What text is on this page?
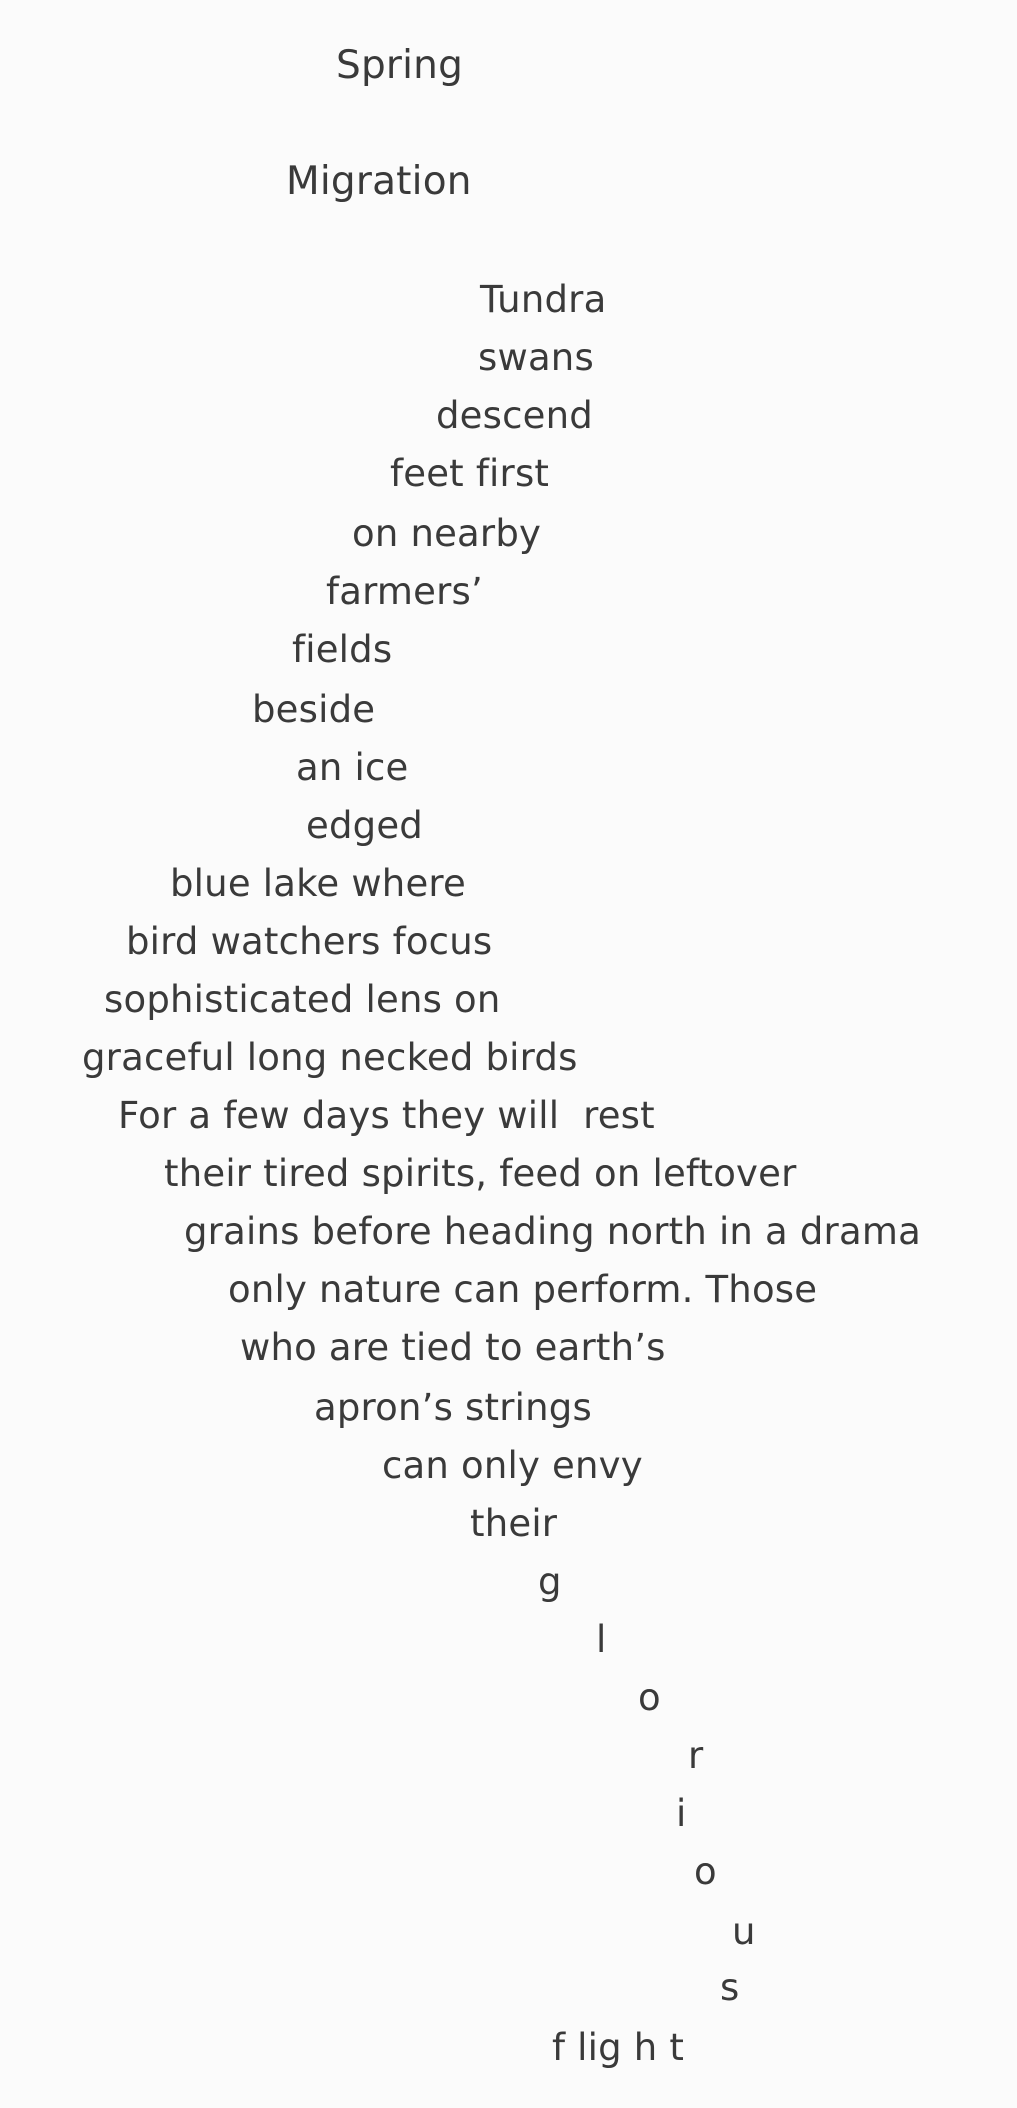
Spring
Migration
Tundra
swans
descend
feet first
on nearby
farmers’
fields
beside
an ice
edged
blue lake where
bird watchers focus
sophisticated lens on
graceful long necked birds
For a few days they will  rest
their tired spirits, feed on leftover
grains before heading north in a drama
only nature can perform. Those
who are tied to earth’s
apron’s strings
can only envy
their
g
l
o
r
i
o
u
s
f lig h t
